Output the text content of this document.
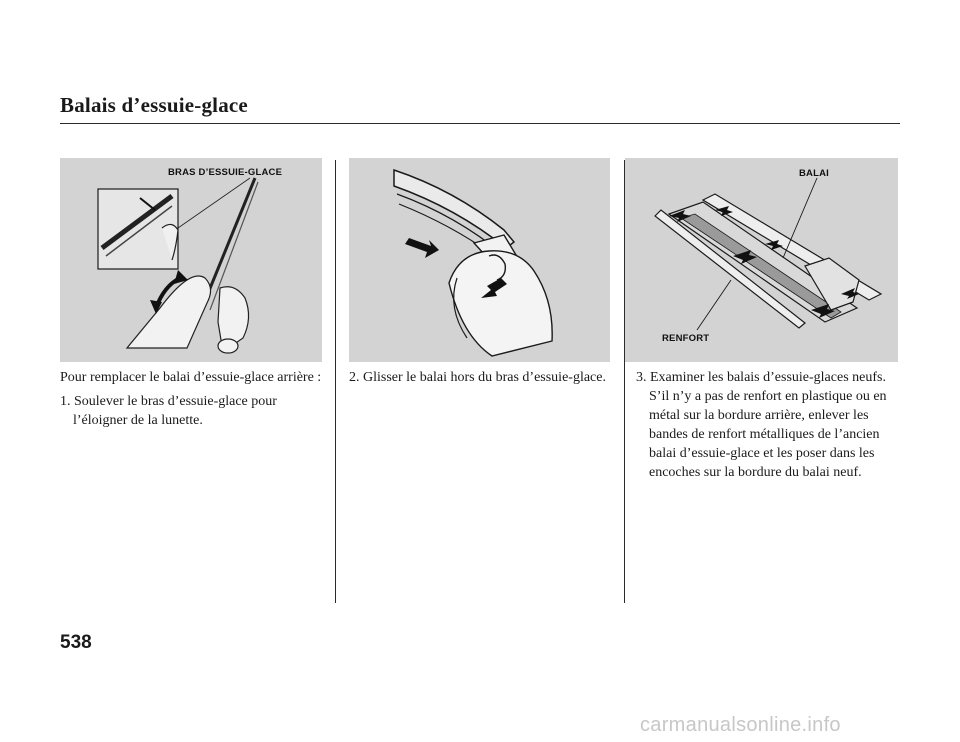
Balais d’essuie-glace
BRAS D’ESSUIE-GLACE	BALAI
RENFORT

Pour remplacer le balai d’essuie-glace arrière :

1. Soulever le bras d’essuie-glace pour l’éloigner de la lunette.

2. Glisser le balai hors du bras d’essuie-glace.	3. Examiner les balais d’essuie-glaces neufs. S’il n’y a pas de renfort en plastique ou en métal sur la bordure arrière, enlever les bandes de renfort métalliques de l’ancien balai d’essuie-glace et les poser dans les encoches sur la bordure du balai neuf.

538
carmanualsonline.info
